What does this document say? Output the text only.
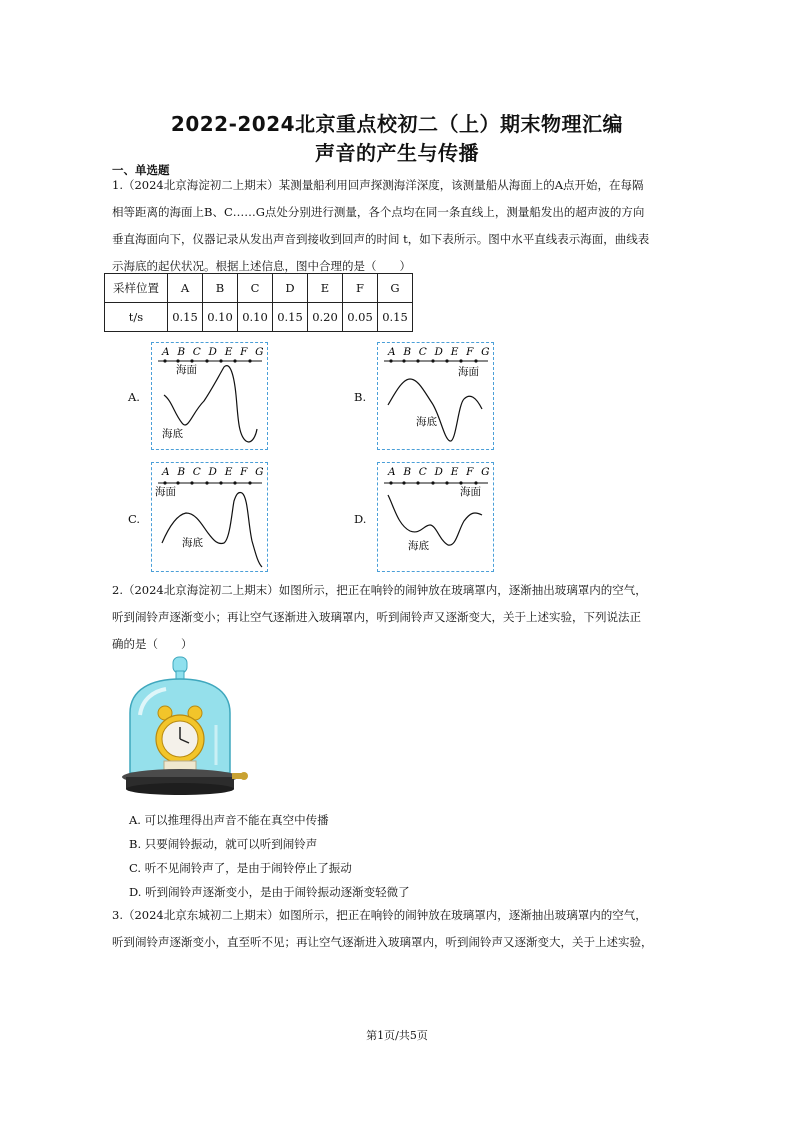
2022-2024北京重点校初二（上）期末物理汇编
声音的产生与传播
一、单选题

1.（2024北京海淀初二上期末）某测量船利用回声探测海洋深度，该测量船从海面上的A点开始，在每隔

相等距离的海面上B、C……G点处分别进行测量，各个点均在同一条直线上，测量船发出的超声波的方向

垂直海面向下，仪器记录从发出声音到接收到回声的时间 t，如下表所示。图中水平直线表示海面，曲线表

示海底的起伏状况。根据上述信息，图中合理的是（　　）

采样位置	A	B	C	D	E	F	G
t/s	0.15	0.10	0.10	0.15	0.20	0.05	0.15
A.
A B C D E F G
海面
海底
B.
A B C D E F G
海面
海底
C.
A B C D E F G
海面
海底
D.
A B C D E F G
海面
海底

2.（2024北京海淀初二上期末）如图所示，把正在响铃的闹钟放在玻璃罩内，逐渐抽出玻璃罩内的空气，

听到闹铃声逐渐变小；再让空气逐渐进入玻璃罩内，听到闹铃声又逐渐变大，关于上述实验，下列说法正

确的是（　　）

A. 可以推理得出声音不能在真空中传播
B. 只要闹铃振动，就可以听到闹铃声
C. 听不见闹铃声了，是由于闹铃停止了振动
D. 听到闹铃声逐渐变小，是由于闹铃振动逐渐变轻微了

3.（2024北京东城初二上期末）如图所示，把正在响铃的闹钟放在玻璃罩内，逐渐抽出玻璃罩内的空气，

听到闹铃声逐渐变小，直至听不见；再让空气逐渐进入玻璃罩内，听到闹铃声又逐渐变大，关于上述实验，

第1页/共5页
